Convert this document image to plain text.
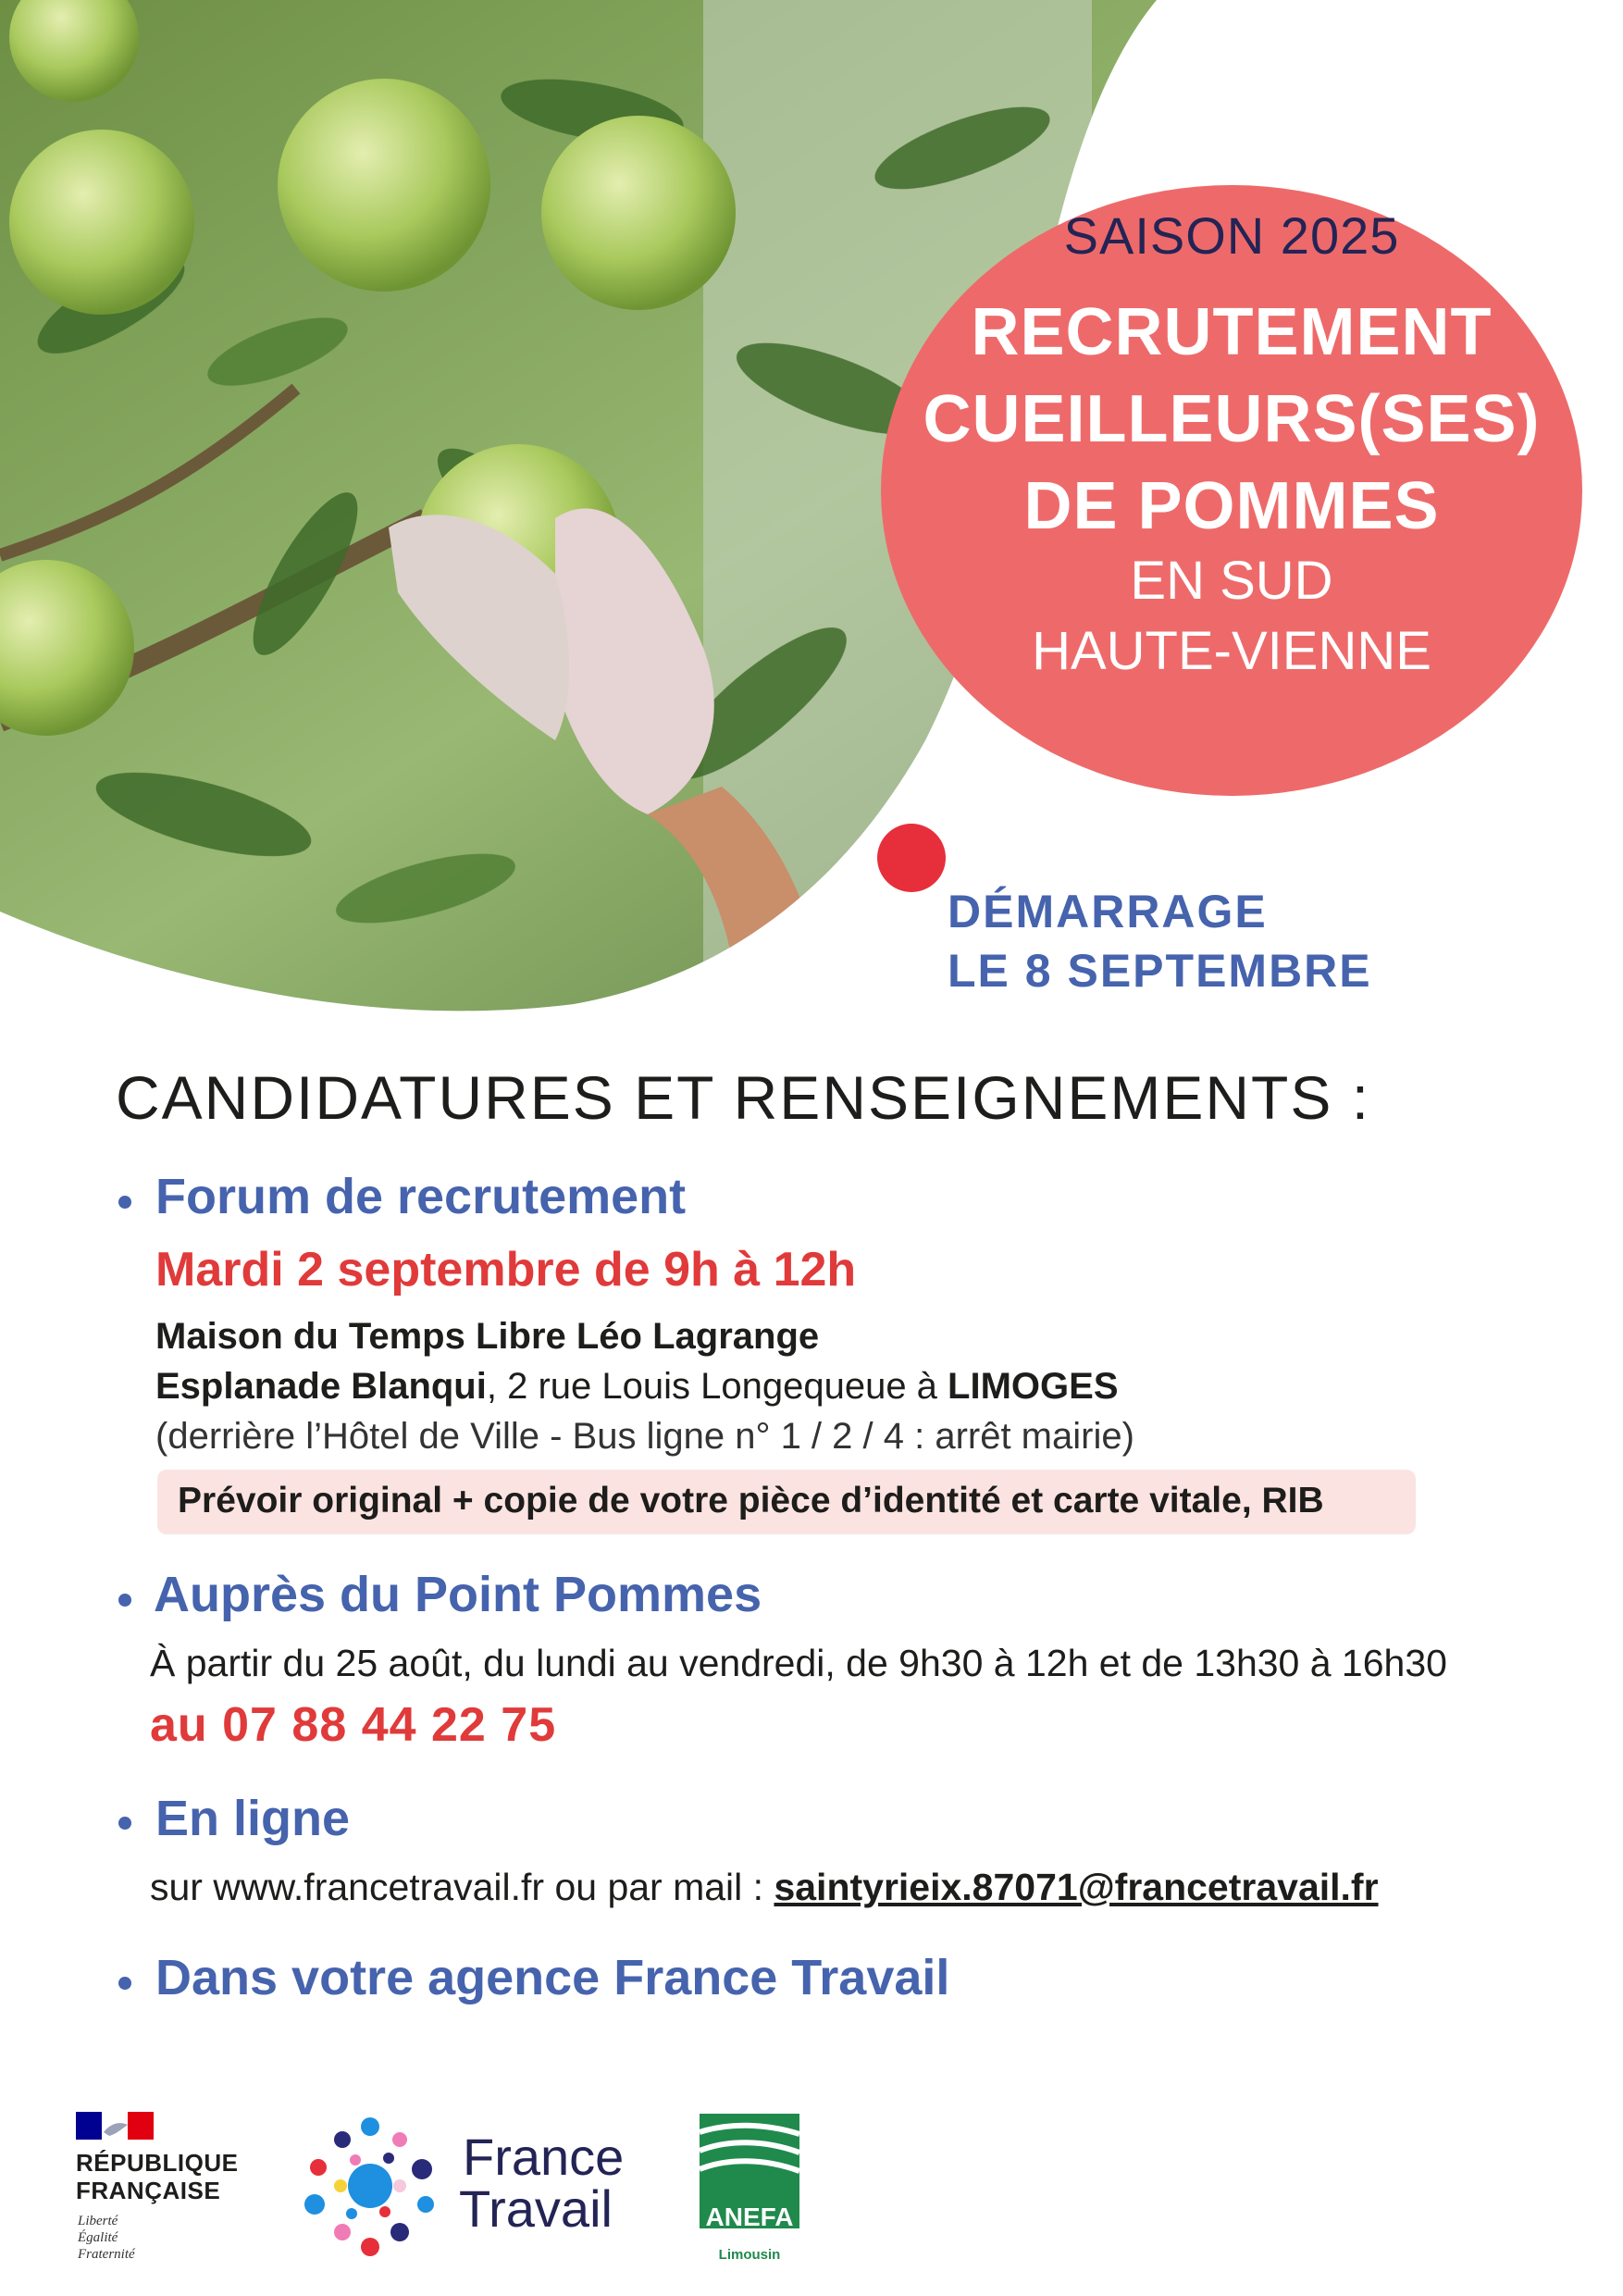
SAISON 2025
RECRUTEMENT
CUEILLEURS(SES)
DE POMMES
EN SUD
HAUTE-VIENNE
DÉMARRAGE
LE 8 SEPTEMBRE
CANDIDATURES ET RENSEIGNEMENTS :
Forum de recrutement
Mardi 2 septembre de 9h à 12h
Maison du Temps Libre Léo Lagrange
Esplanade Blanqui, 2 rue Louis Longequeue à LIMOGES
(derrière l’Hôtel de Ville - Bus ligne n° 1 / 2 / 4 : arrêt mairie)
Prévoir original + copie de votre pièce d’identité et carte vitale, RIB
Auprès du Point Pommes
À partir du 25 août, du lundi au vendredi, de 9h30 à 12h et de 13h30 à 16h30
au 07 88 44 22 75
En ligne
sur www.francetravail.fr ou par mail : saintyrieix.87071@francetravail.fr
Dans votre agence France Travail
RÉPUBLIQUE
FRANÇAISE
Liberté
Égalité
Fraternité
France
Travail	ANEFA
Limousin
